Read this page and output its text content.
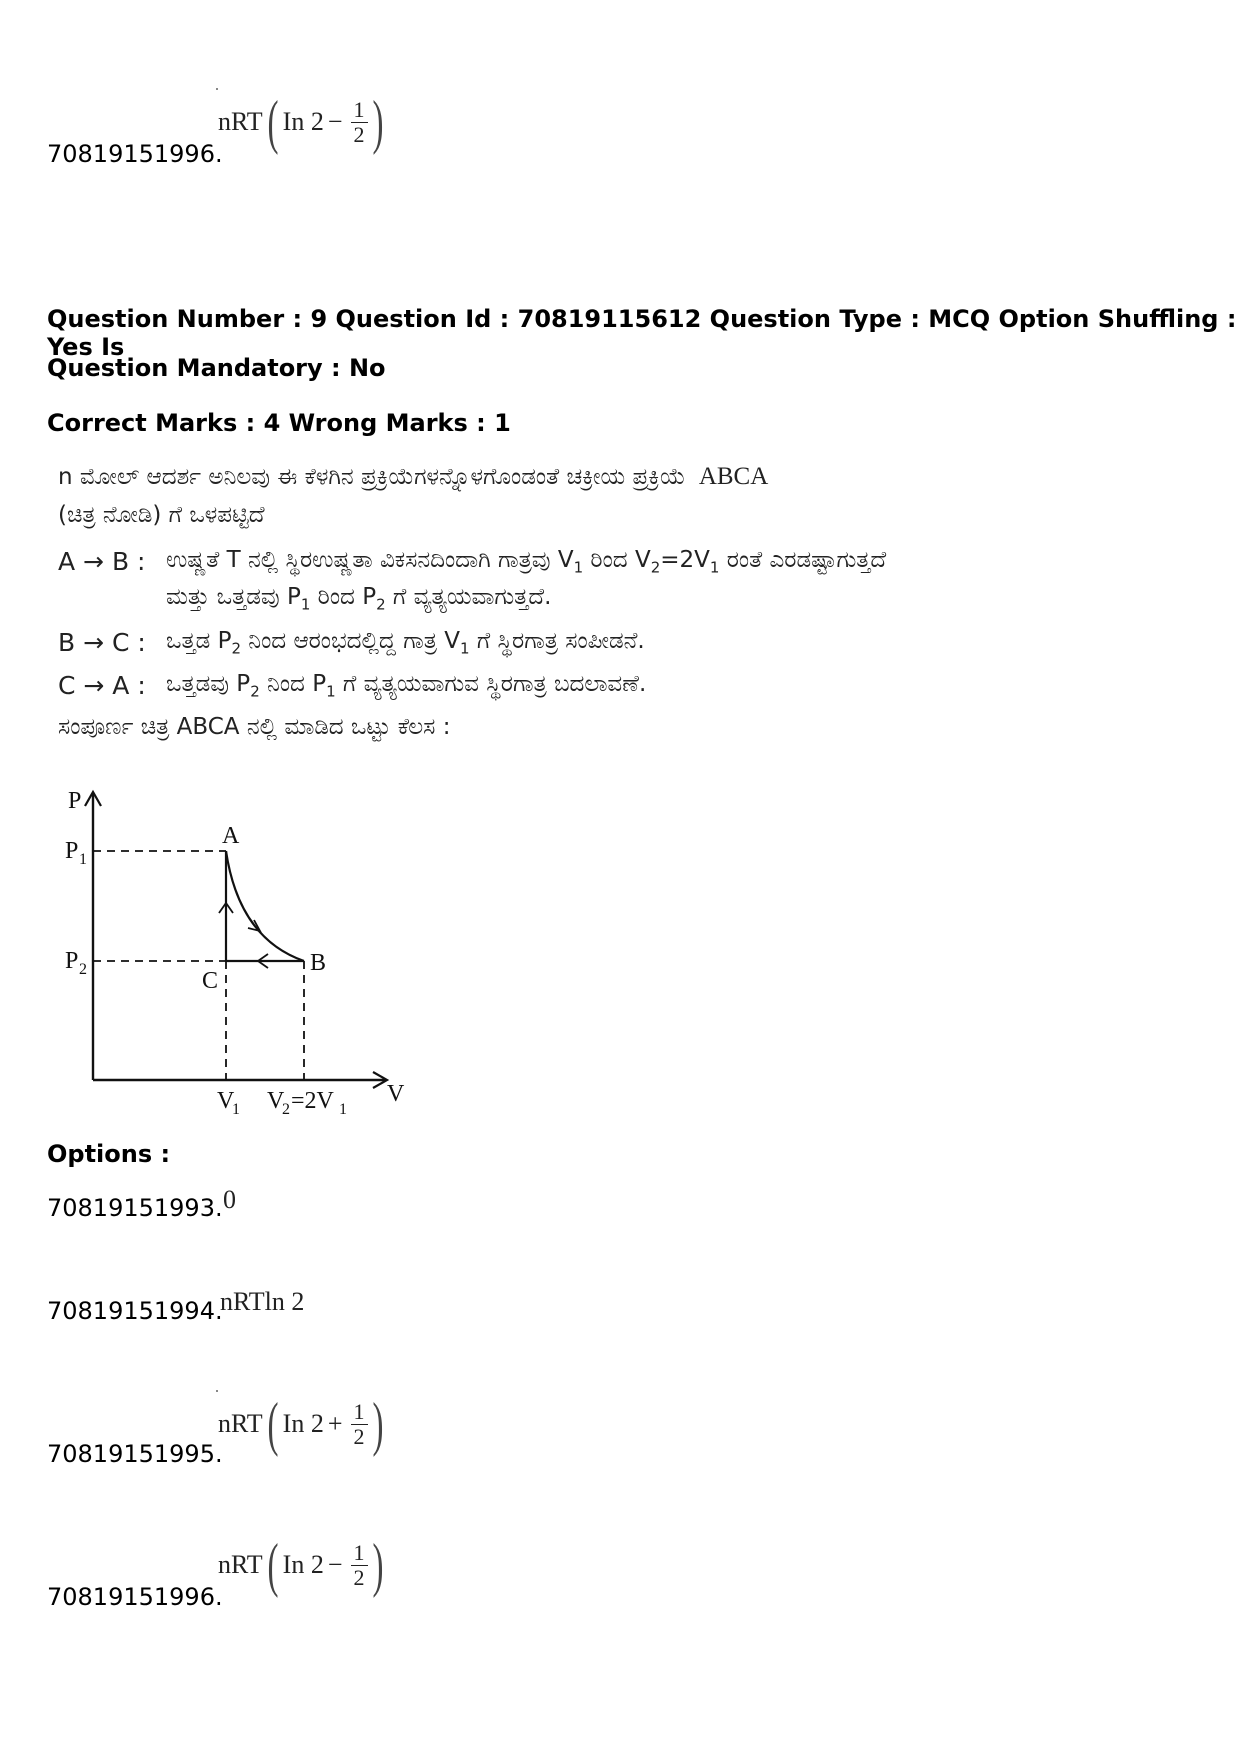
nRT ( In $2 - \frac{1}{2}$ )
70819151996.
Question Number : 9 Question Id : 70819115612 Question Type : MCQ Option Shuffling : Yes Is
Question Mandatory : No
Correct Marks : 4 Wrong Marks : 1
n ಮೋಲ್ ಆದರ್ಶ ಅನಿಲವು ಈ ಕೆಳಗಿನ ಪ್ರಕ್ರಿಯೆಗಳನ್ನೊಳಗೊಂಡಂತೆ ಚಕ್ರೀಯ ಪ್ರಕ್ರಿಯೆ ABCA
(ಚಿತ್ರ ನೋಡಿ) ಗೆ ಒಳಪಟ್ಟಿದೆ
A → B : ಉಷ್ಣತೆ T ನಲ್ಲಿ ಸ್ಥಿರಉಷ್ಣತಾ ವಿಕಸನದಿಂದಾಗಿ ಗಾತ್ರವು $V_1$ ರಿಂದ $V_2=2V_1$ ರಂತೆ ಎರಡಷ್ಟಾಗುತ್ತದೆ
ಮತ್ತು ಒತ್ತಡವು $P_1$ ರಿಂದ $P_2$ ಗೆ ವ್ಯತ್ಯಯವಾಗುತ್ತದೆ.
B → C : ಒತ್ತಡ $P_2$ ನಿಂದ ಆರಂಭದಲ್ಲಿದ್ದ ಗಾತ್ರ $V_1$ ಗೆ ಸ್ಥಿರಗಾತ್ರ ಸಂಪೀಡನೆ.
C → A : ಒತ್ತಡವು $P_2$ ನಿಂದ $P_1$ ಗೆ ವ್ಯತ್ಯಯವಾಗುವ ಸ್ಥಿರಗಾತ್ರ ಬದಲಾವಣೆ.
ಸಂಪೂರ್ಣ ಚಿತ್ರ ABCA ನಲ್ಲಿ ಮಾಡಿದ ಒಟ್ಟು ಕೆಲಸ :
P
V
P 1
P 2
A
B
C
V
1 V
2 =2V 1
Options :
0
70819151993.
nRTln 2
70819151994.
nRT ( In $2 + \frac{1}{2}$ )
70819151995.
nRT ( In $2 - \frac{1}{2}$ )
70819151996.
